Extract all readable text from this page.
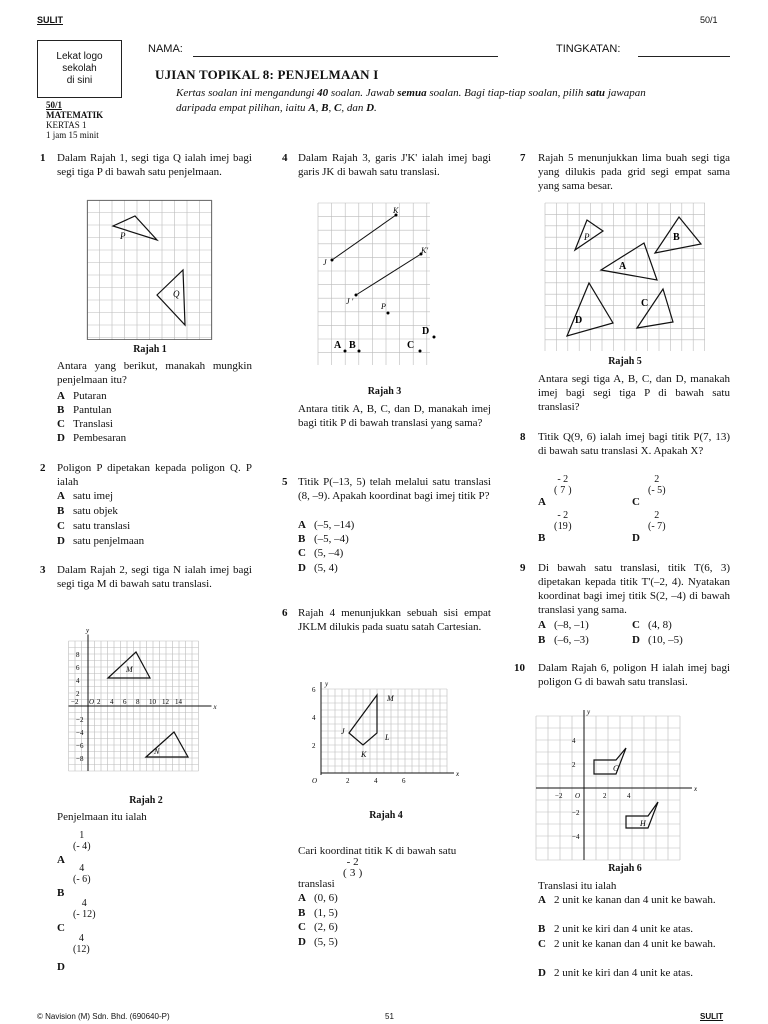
SULIT	50/1
Lekat logo
sekolah
di sini
NAMA:	TINGKATAN:
50/1
MATEMATIK
KERTAS 1
1 jam 15 minit
UJIAN TOPIKAL 8: PENJELMAAN I
Kertas soalan ini mengandungi 40 soalan. Jawab semua soalan. Bagi tiap-tiap soalan, pilih satu jawapan
daripada empat pilihan, iaitu A, B, C, dan D.
1 Dalam Rajah 1, segi tiga Q ialah imej bagi segi tiga P di bawah satu penjelmaan.
P
Q
Rajah 1
Antara yang berikut, manakah mungkin penjelmaan itu?
A Putaran
B Pantulan
C Translasi
D Pembesaran
2 Poligon P dipetakan kepada poligon Q. P ialah
A satu imej
B satu objek
C satu translasi
D satu penjelmaan
3 Dalam Rajah 2, segi tiga N ialah imej bagi segi tiga M di bawah satu translasi.
−2	2 4 6 8 10 12 14
8
6
4
2
−2
−4
−6
−8
x
y
O
M
N
Rajah 2
Penjelmaan itu ialah
A(1
- 4)
B(4
- 6)
C(4
- 12)
D(4
12)
4 Dalam Rajah 3, garis J'K' ialah imej bagi garis JK di bawah satu translasi.
K
K'
J
J '
P
A B	C
D
Rajah 3
Antara titik A, B, C, dan D, manakah imej bagi titik P di bawah translasi yang sama?
5 Titik P(–13, 5) telah melalui satu translasi (8, –9). Apakah koordinat bagi imej titik P?
A (–5, –14)
B (–5, –4)
C (5, –4)
D (5, 4)
6 Rajah 4 menunjukkan sebuah sisi empat JKLM dilukis pada suatu satah Cartesian.
2	4	6
6
4
2
x
y
O
J
K
L
M
Rajah 4
Cari koordinat titik K di bawah satu
(- 2
3 )
translasi
A (0, 6)
B (1, 5)
C (2, 6)
D (5, 5)
7 Rajah 5 menunjukkan lima buah segi tiga yang dilukis pada grid segi empat sama yang sama besar.
P	B
A
C
D
Rajah 5
Antara segi tiga A, B, C, dan D, manakah imej bagi segi tiga P di bawah satu translasi?
8 Titik Q(9, 6) ialah imej bagi titik P(7, 13) di bawah satu translasi X. Apakah X?
A(- 2
7 )
C(2
- 5)
B(- 2
19)
D(2
- 7)
9 Di bawah satu translasi, titik T(6, 3) dipetakan kepada titik T'(–2, 4). Nyatakan koordinat bagi imej titik S(2, –4) di bawah translasi yang sama.
A (–8, –1)	C (4, 8)
B (–6, –3)	D (10, –5)
10 Dalam Rajah 6, poligon H ialah imej bagi poligon G di bawah satu translasi.
−2	2	4
4
2
−2
−4
x
y
O
G
H
Rajah 6
Translasi itu ialah
A 2 unit ke kanan dan 4 unit ke bawah.
B 2 unit ke kiri dan 4 unit ke atas.
C 2 unit ke kanan dan 4 unit ke bawah.
D 2 unit ke kiri dan 4 unit ke atas.
© Navision (M) Sdn. Bhd. (690640-P)	51	SULIT
